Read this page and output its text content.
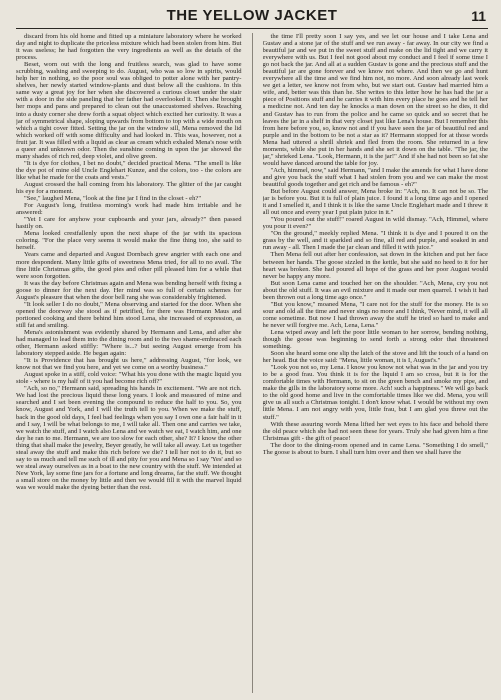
THE YELLOW JACKET	11

discard from his old home and fitted up a miniature laboratory where he worked day and night to duplicate the priceless mixture which had been stolen from him. But it was useless; he had forgotten the very ingredients as well as the details of the process.

Beset, worn out with the long and fruitless search, was glad to have some scrubbing, washing and sweeping to do. August, who was so low in spirits, would help her in nothing, so the poor soul was obliged to potter alone with her pantry-shelves, her newly started window-plants and dust below all the cushions. In this same way a great joy for her when she discovered a curious closet under the stair with a door in the side paneling that her father had overlooked it. Then she brought her mops and pans and prepared to clean out the unaccustomed shelves. Reaching into a dusty corner she drew forth a squat object which excited her curiosity. It was a jar of symmetrical shape, sloping upwards from bottom to top with a wide mouth on which a tight cover fitted. Setting the jar on the window sill, Mena removed the lid which worked off with some difficulty and had looked in. This was, however, not a fruit jar. It was filled with a liquid as clear as cream which exhaled Mena's nose with a queer and unknown odor. Then the sunshine coming in upon the jar showed the many shades of rich red, deep violet, and olive green.

"It is dye for clothes, I bet no doubt," decided practical Mena. "The smell is like the dye pot of mine old Uncle Englehart Kunze, and the colors, too - the colors are like what he made for the coats and vests."

August crossed the hall coming from his laboratory. The glitter of the jar caught his eye for a moment.

"See," laughed Mena, "look at the fine jar I find in the closet - eh?"

For August's long, fruitless morning's work had made him irritable and he answered:

"Yet I care for anyhow your cupboards and your jars, already?" then passed hastily on.

Mena looked crestfallenly upon the next shape of the jar with its spacious coloring. "For the place very seems it would make the fine thing too, she said to herself.

Years came and departed and August Dornbach grew angrier with each one and more despondent. Many little gifts of sweetness Mena tried, for all to no avail. The fine little Christmas gifts, the good pies and other pill pleased him for a while that were soon forgotten.

It was the day before Christmas again and Mena was bending herself with fixing a goose to dinner for the next day. Her mind was so full of certain schemes for August's pleasure that when the door bell rang she was considerably frightened.

"It look seller I do no doubt," Mena observing and started for the door. When she opened the doorway she stood as if petrified, for there was Hermann Maus and portioned cooking and there behind him stood Lena, she increased of expression, as still fat and smiling.

Mena's astonishment was evidently shared by Hermann and Lena, and after she had managed to lead them into the dining room and to the two shame-embraced each other, Hermann asked stiffly: "Where is...? but seeing August emerge from his laboratory stepped aside. He began again:

"It is Providence that has brought us here," addressing August, "for look, we know not that we find you here, and yet we come on a worthy business."

August spoke in a stiff, cold voice: "What his you done with the magic liquid you stole - where is my half of it you had become rich off?"

"Ach, so no," Hermann said, spreading his hands in excitement. "We are not rich. We had lost the precious liquid these long years. I look and measured of mine and searched and I set been evening the compound to reduce the half to you. So, you know, August and York, and I will the truth tell to you. When we make the stuff, back in the good old days, I feel bad feelings when you say I own one a fair half in it and I say, I will be what belongs to me, I will take all. Then one and carries we take, we watch the stuff, and I watch also Lena and we watch we eat, I watch him, and one day he ran to me. Hermann, we are too slow for each other, she? It? I know the other thing that shall make the jewelry, Beyer greatly, he will take all away. Let us together steal away the stuff and make this rich before we die? I tell her not to do it, but so say to us much and tell me such of ill and pity for you and Mena so I say 'Yes' and so we steal away ourselves as in a boat to the new country with the stuff. We intended at New York, lay some fine jars for a fortune and long dreams, far the stuff. We thought a small store on the money by little and then we would fill it with the marvel liquid was we would make the dyeing better than the rest.

the time I'll pretty soon I say yes, and we let our house and I take Lena and Gustav and a stone jar of the stuff and we run away - far away. In our city we find a beautiful jar and we put in the sweet stuff and make on the lid tight and we carry it everywhere with us. But I feel not good about my conduct and I feel if some time I go not back the jar. And all at a sudden Gustav is gone and the precious stuff and the beautiful jar are gone forever and we know not where. And then we go and hunt everywhere all the time and we find him not, no more. And soon already last week we get a letter, we know not from who, but we start out. Gustav had married him a wife, and, better was this than he. She writes to this letter how he has had the jar a piece of Positions stuff and he carries it with him every place he goes and he tell her a medicine not. And ten day he knocks a man down on the street so he dies, it did and Gustav has to run from the police and he came so quick and so secret that he leaves the jar in a shelf in that very closet just like Lena's house. But I remember this from here before you, so, know not and if you have seen the jar of beautiful red and purple and in the bottom to be not a star as it? Hermann stopped for at those words Mena had uttered a shrill shriek and fled from the room. She returned in a few moments, while she put in her hands and she set it down on the table. "The jar, the jar," shrieked Lena. "Look, Hermann, it is the jar!" And if she had not been so fat she would have danced around the table for joy.

"Ach, himmel, now," said Hermann, "and I make the amends for what I have done and give you back the stuff what I had stolen from you and we can make the most beautiful goods together and get rich and be famous - eh?"

But before August could answer, Mena broke in: "Ach, no. It can not be so. The jar is before you. But it is full of plain juice. I found it a long time ago and I opened it and I smelled it, and I think it is like the same Uncle Englehart made and I threw it all out once and every year I put plain juice in it."

"You poured out the stuff!" roared August in wild dismay. "Ach, Himmel, where you pour it even?"

"On the ground," meekly replied Mena. "I think it is dye and I poured it on the grass by the well, and it sparkled and so fine, all red and purple, and soaked in and run away - all. Then I made the jar clean and filled it with juice."

Then Mena fell out after her confession, sat down in the kitchen and put her face between her hands. The goose sizzled in the kettle, but she said no heed to it for her heart was broken. She had poured all hope of the grass and her poor August would never be happy any more.

But soon Lena came and touched her on the shoulder. "Ach, Mena, cry you not about the old stuff. It was an evil mixture and it made our men quarrel. I wish it had been thrown out a long time ago once."

"But you know," moaned Mena, "I care not for the stuff for the money. He is so sour and old all the time and never sings no more and I think, 'Never mind, it will all come sometime. But now I had thrown away the stuff he tried so hard to make and he never will forgive me. Ach, Lena, Lena."

Lena wiped away and left the poor little woman to her sorrow, bending nothing, though the goose was beginning to send forth a strong odor that threatened something.

Soon she heard some one slip the latch of the stove and lift the touch of a hand on her head. But the voice said: "Mena, little woman, it is I, August's."

"Look you not so, my Lena. I know you know not what was in the jar and you try to be a good frau. You think it is for the liquid I am so cross, but it is for the comfortable times with Hermann, to sit on the green bench and smoke my pipe, and make the gills in the laboratory some more. Ach! such a happiness." We will go back to the old good home and live in the comfortable times like we did. Mena, you will give us all such a Christmas tonight. I don't know what. I would be without my own little Mena. I am not angry with you, little frau, but I am glad you threw out the stuff."

With these assuring words Mena lifted her wet eyes to his face and behold there the old peace which she had not seen these for years. Truly she had given him a fine Christmas gift - the gift of peace!

The door to the dining-room opened and in came Lena. "Something I do smell," The goose is about to burn. I shall turn him over and then we shall have the
